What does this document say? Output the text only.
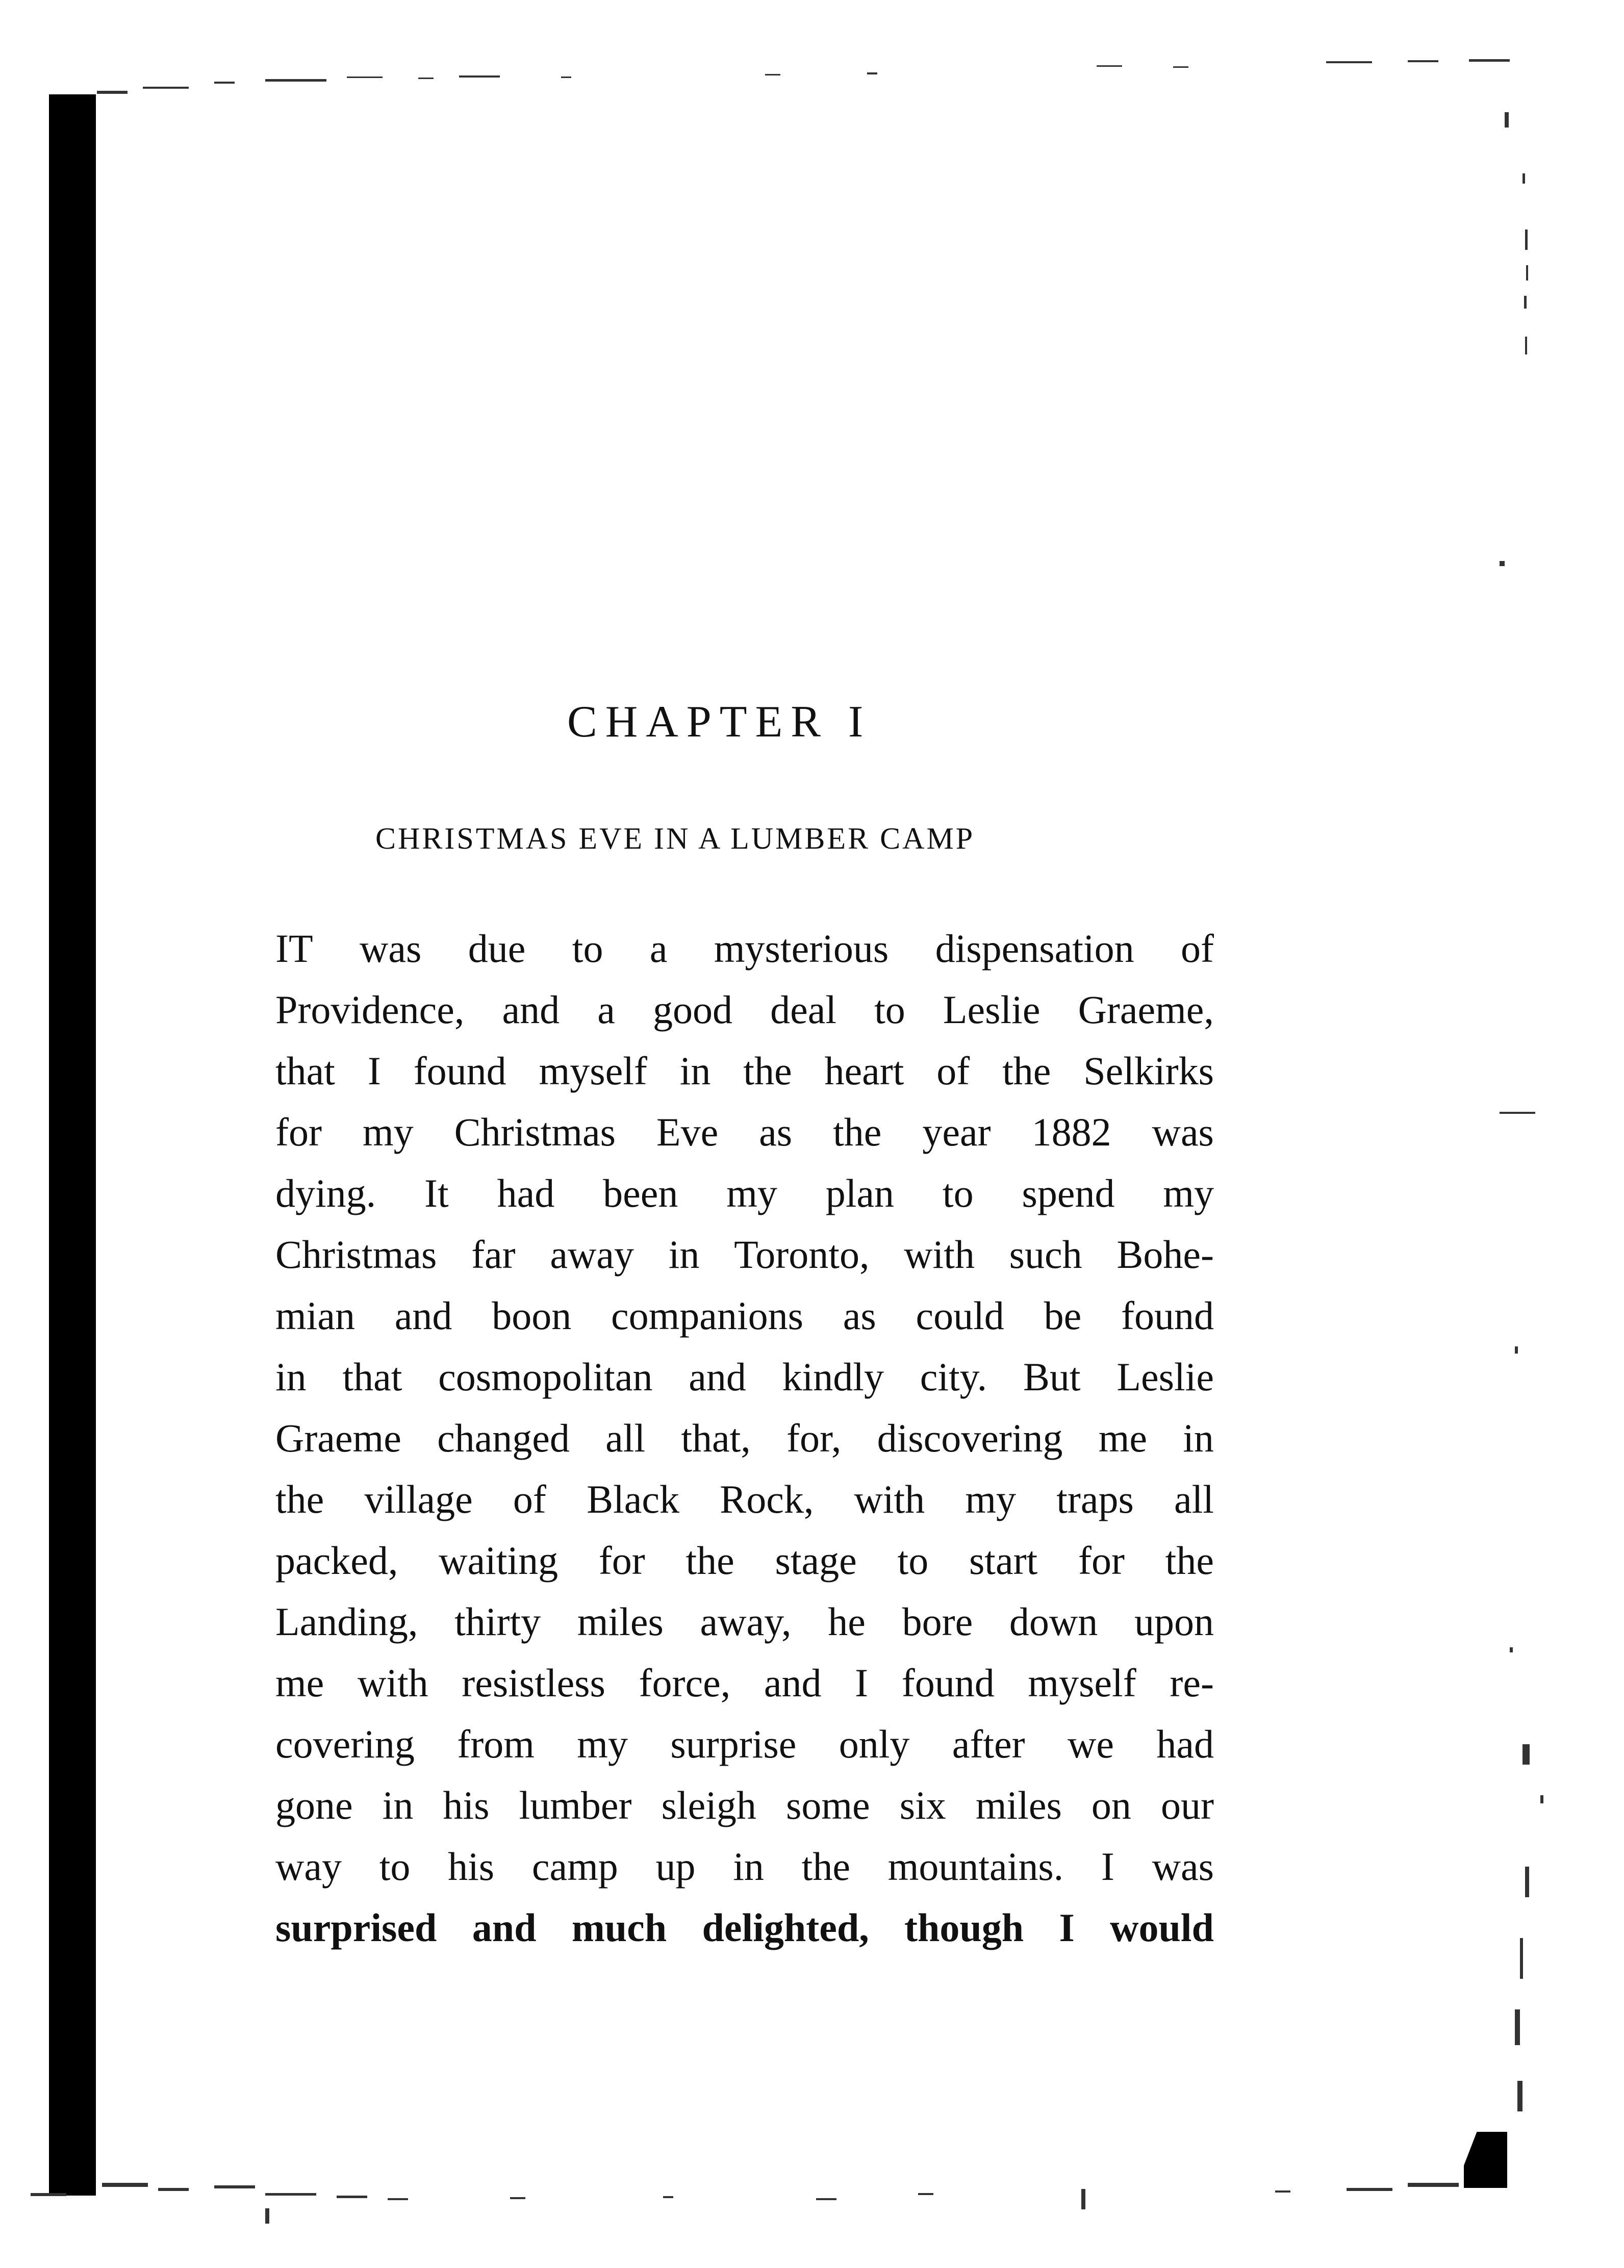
CHAPTER I
CHRISTMAS EVE IN A LUMBER CAMP
IT was due to a mysterious dispensation of
Providence, and a good deal to Leslie Graeme,
that I found myself in the heart of the Selkirks
for my Christmas Eve as the year 1882 was
dying. It had been my plan to spend my
Christmas far away in Toronto, with such Bohe-
mian and boon companions as could be found
in that cosmopolitan and kindly city. But Leslie
Graeme changed all that, for, discovering me in
the village of Black Rock, with my traps all
packed, waiting for the stage to start for the
Landing, thirty miles away, he bore down upon
me with resistless force, and I found myself re-
covering from my surprise only after we had
gone in his lumber sleigh some six miles on our
way to his camp up in the mountains. I was
surprised and much delighted, though I would
